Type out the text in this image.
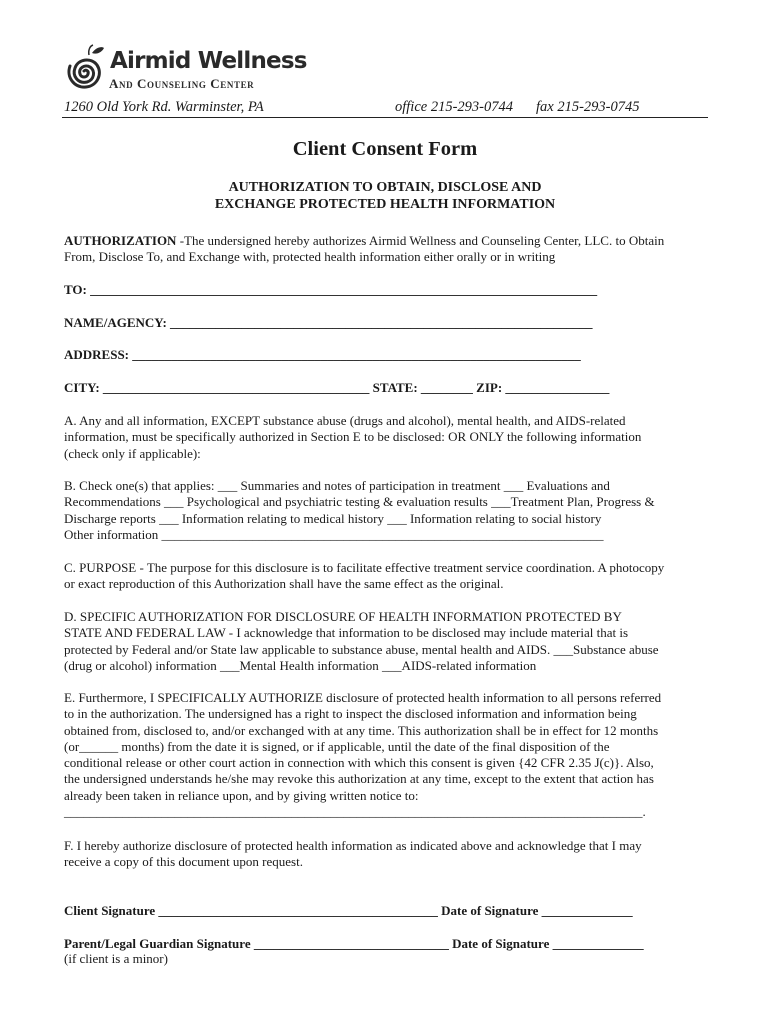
Airmid Wellness
And Counseling Center
1260 Old York Rd. Warminster, PA	office 215-293-0744 fax 215-293-0745
Client Consent Form
AUTHORIZATION TO OBTAIN, DISCLOSE AND
EXCHANGE PROTECTED HEALTH INFORMATION
AUTHORIZATION -The undersigned hereby authorizes Airmid Wellness and Counseling Center, LLC. to Obtain
From, Disclose To, and Exchange with, protected health information either orally or in writing
TO: ______________________________________________________________________________
NAME/AGENCY: _________________________________________________________________
ADDRESS: _____________________________________________________________________
CITY: _________________________________________ STATE: ________ ZIP: ________________
A. Any and all information, EXCEPT substance abuse (drugs and alcohol), mental health, and AIDS-related
information, must be specifically authorized in Section E to be disclosed: OR ONLY the following information
(check only if applicable):
B. Check one(s) that applies: ___ Summaries and notes of participation in treatment ___ Evaluations and
Recommendations ___ Psychological and psychiatric testing & evaluation results ___Treatment Plan, Progress &
Discharge reports ___ Information relating to medical history ___ Information relating to social history
Other information ____________________________________________________________________
C. PURPOSE - The purpose for this disclosure is to facilitate effective treatment service coordination. A photocopy
or exact reproduction of this Authorization shall have the same effect as the original.
D. SPECIFIC AUTHORIZATION FOR DISCLOSURE OF HEALTH INFORMATION PROTECTED BY
STATE AND FEDERAL LAW - I acknowledge that information to be disclosed may include material that is
protected by Federal and/or State law applicable to substance abuse, mental health and AIDS. ___Substance abuse
(drug or alcohol) information ___Mental Health information ___AIDS-related information
E. Furthermore, I SPECIFICALLY AUTHORIZE disclosure of protected health information to all persons referred
to in the authorization. The undersigned has a right to inspect the disclosed information and information being
obtained from, disclosed to, and/or exchanged with at any time. This authorization shall be in effect for 12 months
(or______ months) from the date it is signed, or if applicable, until the date of the final disposition of the
conditional release or other court action in connection with which this consent is given {42 CFR 2.35 J(c)}. Also,
the undersigned understands he/she may revoke this authorization at any time, except to the extent that action has
already been taken in reliance upon, and by giving written notice to:
_________________________________________________________________________________________.
F. I hereby authorize disclosure of protected health information as indicated above and acknowledge that I may
receive a copy of this document upon request.
Client Signature ___________________________________________ Date of Signature ______________
Parent/Legal Guardian Signature ______________________________ Date of Signature ______________
(if client is a minor)
